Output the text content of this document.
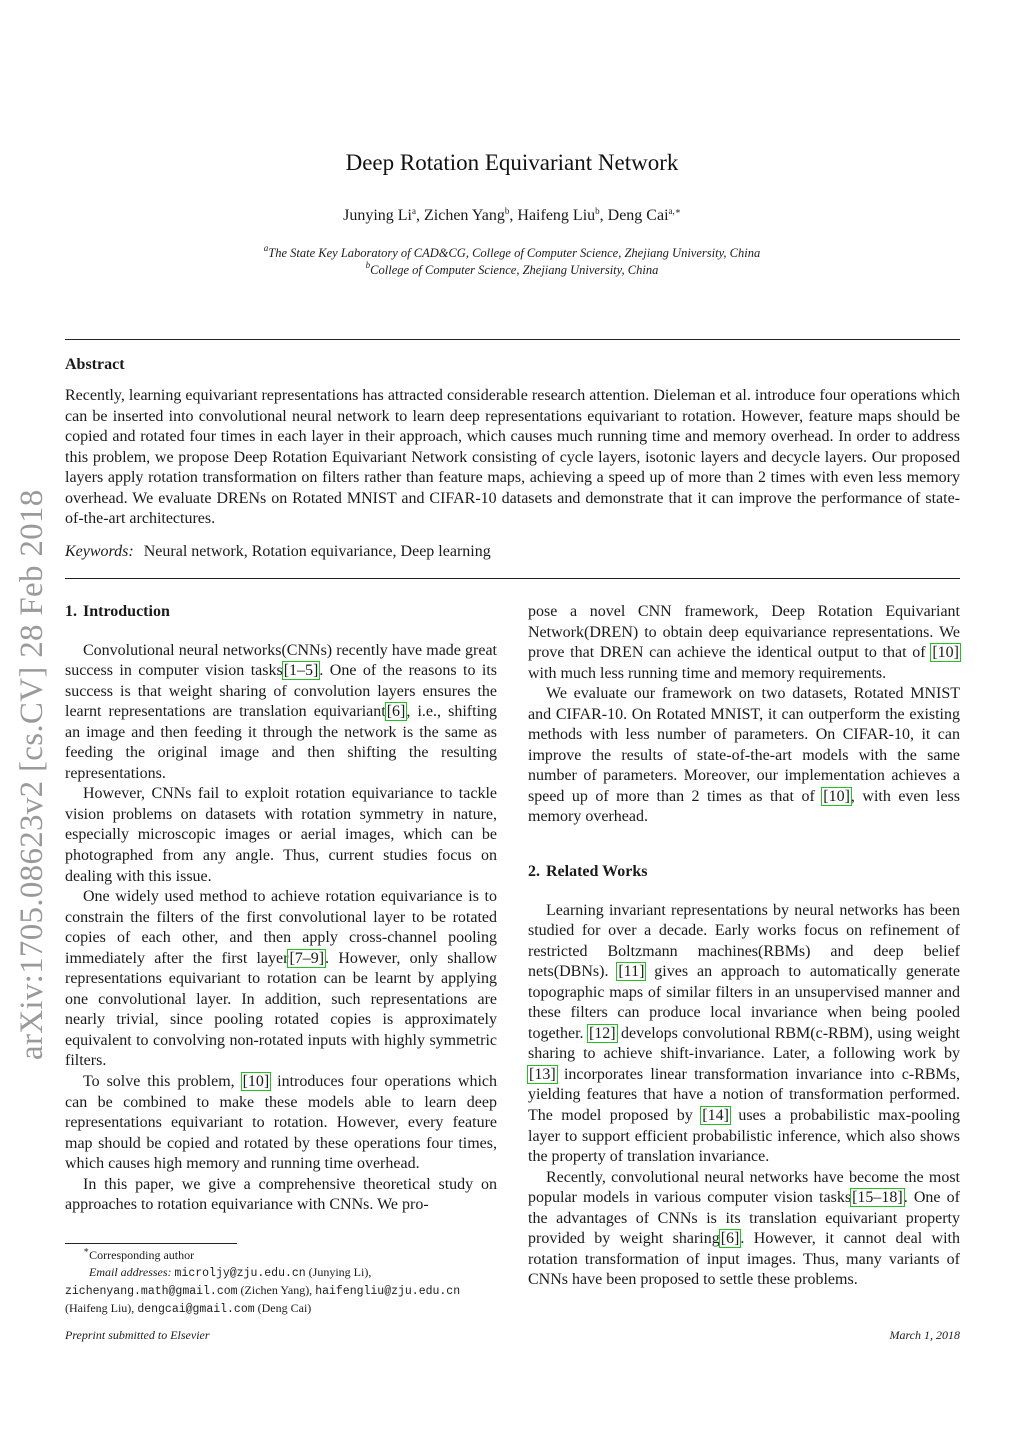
arXiv:1705.08623v2 [cs.CV] 28 Feb 2018
Deep Rotation Equivariant Network
Junying Li$^a$, Zichen Yang$^b$, Haifeng Liu$^b$, Deng Cai$^{a,∗}$
$^a$The State Key Laboratory of CAD&CG, College of Computer Science, Zhejiang University, China
$^b$College of Computer Science, Zhejiang University, China
Abstract
Recently, learning equivariant representations has attracted considerable research attention. Dieleman et al. introduce four operations which can be inserted into convolutional neural network to learn deep representations equivariant to rotation. However, feature maps should be copied and rotated four times in each layer in their approach, which causes much running time and memory overhead. In order to address this problem, we propose Deep Rotation Equivariant Network consisting of cycle layers, isotonic layers and decycle layers. Our proposed layers apply rotation transformation on filters rather than feature maps, achieving a speed up of more than 2 times with even less memory overhead. We evaluate DRENs on Rotated MNIST and CIFAR-10 datasets and demonstrate that it can improve the performance of state-of-the-art architectures.
Keywords: Neural network, Rotation equivariance, Deep learning
1. Introduction

Convolutional neural networks(CNNs) recently have made great success in computer vision tasks[1–5]. One of the reasons to its success is that weight sharing of convolution layers ensures the learnt representations are translation equivariant[6], i.e., shifting an image and then feeding it through the network is the same as feeding the original image and then shifting the resulting representations.

However, CNNs fail to exploit rotation equivariance to tackle vision problems on datasets with rotation symmetry in nature, especially microscopic images or aerial images, which can be photographed from any angle. Thus, current studies focus on dealing with this issue.

One widely used method to achieve rotation equivariance is to constrain the filters of the first convolutional layer to be rotated copies of each other, and then apply cross-channel pooling immediately after the first layer[7–9]. However, only shallow representations equivariant to rotation can be learnt by applying one convolutional layer. In addition, such representations are nearly trivial, since pooling rotated copies is approximately equivalent to convolving non-rotated inputs with highly symmetric filters.

To solve this problem, [10] introduces four operations which can be combined to make these models able to learn deep representations equivariant to rotation. However, every feature map should be copied and rotated by these operations four times, which causes high memory and running time overhead.

In this paper, we give a comprehensive theoretical study on approaches to rotation equivariance with CNNs. We pro-

pose a novel CNN framework, Deep Rotation Equivariant Network(DREN) to obtain deep equivariance representations. We prove that DREN can achieve the identical output to that of [10] with much less running time and memory requirements.

We evaluate our framework on two datasets, Rotated MNIST and CIFAR-10. On Rotated MNIST, it can outperform the existing methods with less number of parameters. On CIFAR-10, it can improve the results of state-of-the-art models with the same number of parameters. Moreover, our implementation achieves a speed up of more than 2 times as that of [10], with even less memory overhead.

2. Related Works

Learning invariant representations by neural networks has been studied for over a decade. Early works focus on refinement of restricted Boltzmann machines(RBMs) and deep belief nets(DBNs). [11] gives an approach to automatically generate topographic maps of similar filters in an unsupervised manner and these filters can produce local invariance when being pooled together. [12] develops convolutional RBM(c-RBM), using weight sharing to achieve shift-invariance. Later, a following work by [13] incorporates linear transformation invariance into c-RBMs, yielding features that have a notion of transformation performed. The model proposed by [14] uses a probabilistic max-pooling layer to support efficient probabilistic inference, which also shows the property of translation invariance.

Recently, convolutional neural networks have become the most popular models in various computer vision tasks[15–18]. One of the advantages of CNNs is its translation equivariant property provided by weight sharing[6]. However, it cannot deal with rotation transformation of input images. Thus, many variants of CNNs have been proposed to settle these problems.

∗Corresponding author
Email addresses: microljy@zju.edu.cn (Junying Li),
zichenyang.math@gmail.com (Zichen Yang), haifengliu@zju.edu.cn
(Haifeng Liu), dengcai@gmail.com (Deng Cai)
Preprint submitted to Elsevier	March 1, 2018
